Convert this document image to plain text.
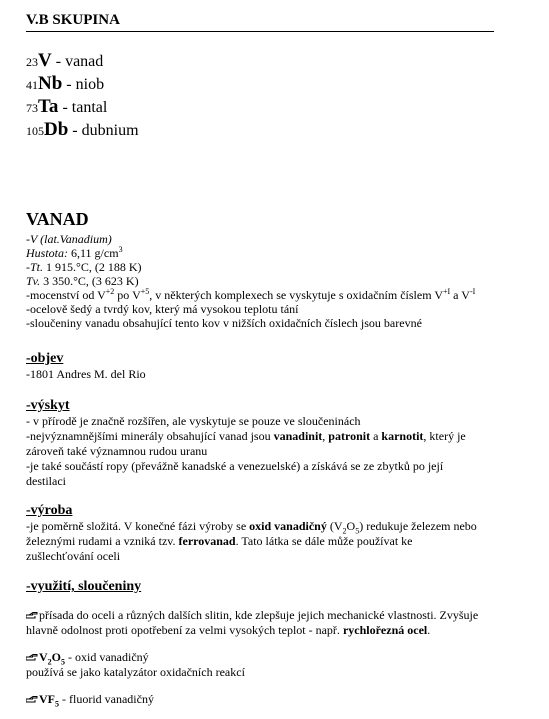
V.B SKUPINA
23V - vanad
41Nb - niob
73Ta - tantal
105Db - dubnium
VANAD
-V (lat.Vanadium)
Hustota: 6,11 $g/cm^3$
-Tt. 1 915.°C, (2 188 K)
Tv. 3 350.°C, (3 623 K)
-mocenství od $V^{+2}$ po $V^{+5}$, v některých komplexech se vyskytuje s oxidačním číslem $V^{+I}$ a $V^{-I}$
-ocelově šedý a tvrdý kov, který má vysokou teplotu tání
-sloučeniny vanadu obsahující tento kov v nižších oxidačních číslech jsou barevné
-objev
-1801 Andres M. del Rio
-výskyt
- v přírodě je značně rozšířen, ale vyskytuje se pouze ve sloučeninách
-nejvýznamnějšími minerály obsahující vanad jsou vanadinit, patronit a karnotit, který je
zároveň také významnou rudou uranu
-je také součástí ropy (převážně kanadské a venezuelské) a získává se ze zbytků po její
destilaci
-výroba
-je poměrně složitá. V konečné fázi výroby se oxid vanadičný $(V_2O_5)$ redukuje železem nebo
železnými rudami a vzniká tzv. ferrovanad. Tato látka se dále může používat ke
zušlechťování oceli
-využití, sloučeniny
přísada do oceli a různých dalších slitin, kde zlepšuje jejich mechanické vlastnosti. Zvyšuje
hlavně odolnost proti opotřebení za velmi vysokých teplot - např. rychlořezná ocel.
$V_2O_5$ - oxid vanadičný
používá se jako katalyzátor oxidačních reakcí
$VF_5$ - fluorid vanadičný
